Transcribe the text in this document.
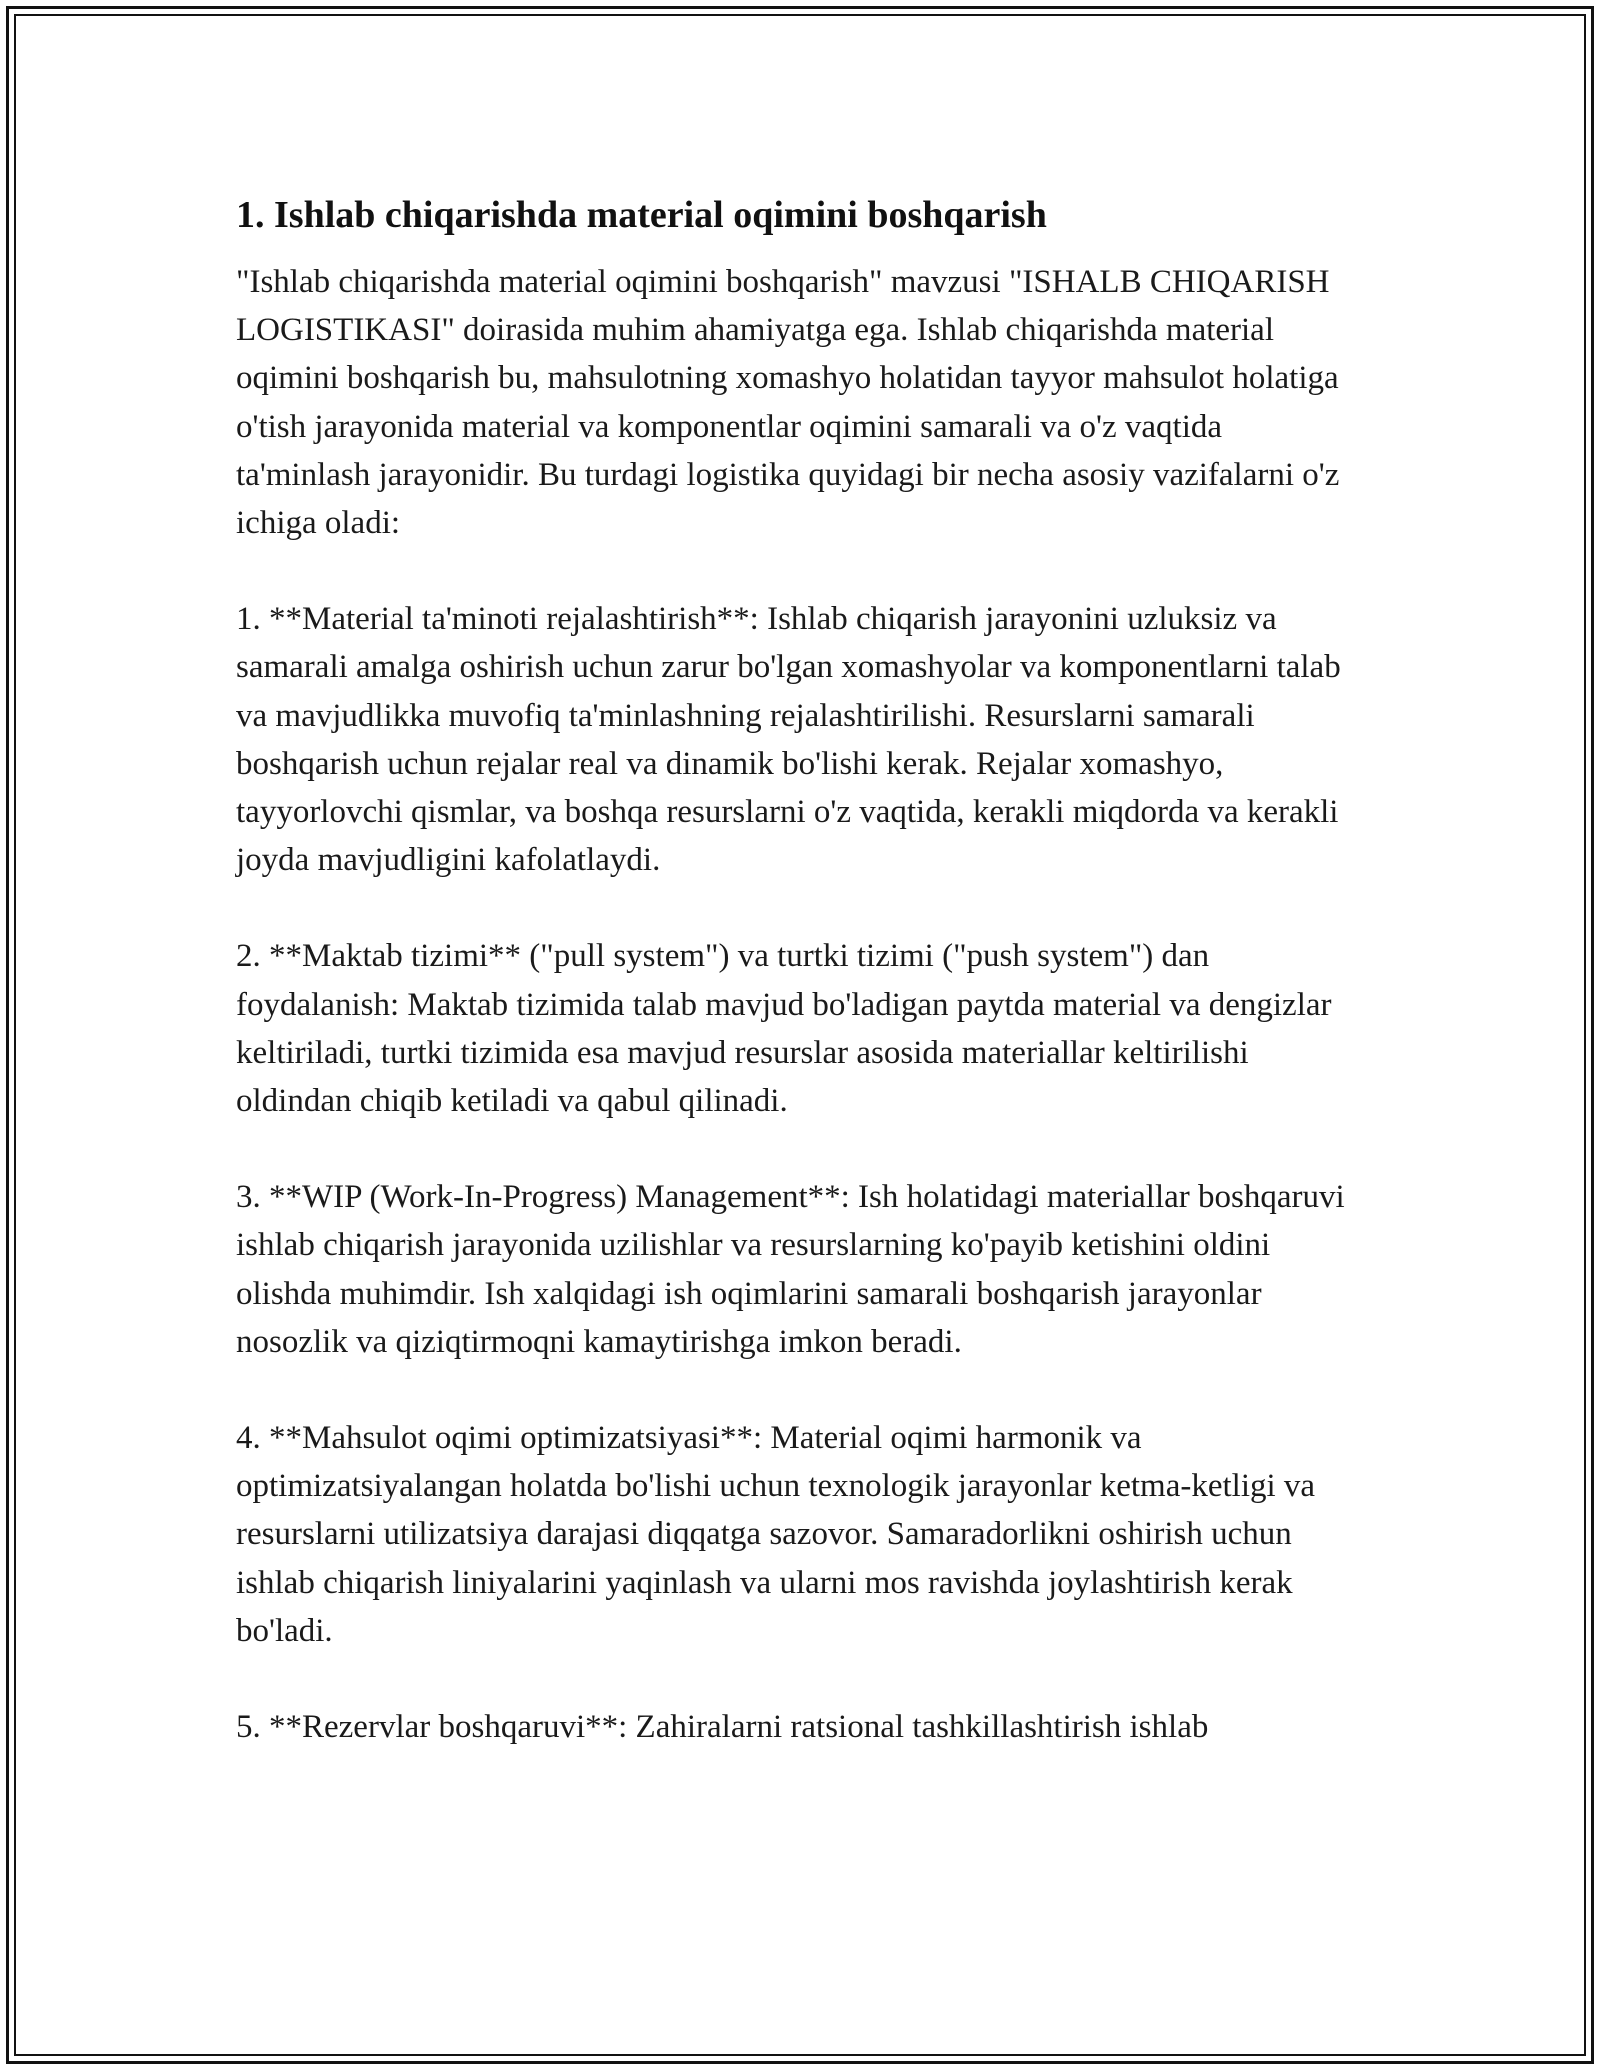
1. Ishlab chiqarishda material oqimini boshqarish

"Ishlab chiqarishda material oqimini boshqarish" mavzusi "ISHALB CHIQARISH LOGISTIKASI" doirasida muhim ahamiyatga ega. Ishlab chiqarishda material oqimini boshqarish bu, mahsulotning xomashyo holatidan tayyor mahsulot holatiga o'tish jarayonida material va komponentlar oqimini samarali va o'z vaqtida ta'minlash jarayonidir. Bu turdagi logistika quyidagi bir necha asosiy vazifalarni o'z ichiga oladi:

1. **Material ta'minoti rejalashtirish**: Ishlab chiqarish jarayonini uzluksiz va samarali amalga oshirish uchun zarur bo'lgan xomashyolar va komponentlarni talab va mavjudlikka muvofiq ta'minlashning rejalashtirilishi. Resurslarni samarali boshqarish uchun rejalar real va dinamik bo'lishi kerak. Rejalar xomashyo, tayyorlovchi qismlar, va boshqa resurslarni o'z vaqtida, kerakli miqdorda va kerakli joyda mavjudligini kafolatlaydi.

2. **Maktab tizimi** ("pull system") va turtki tizimi ("push system") dan foydalanish: Maktab tizimida talab mavjud bo'ladigan paytda material va dengizlar keltiriladi, turtki tizimida esa mavjud resurslar asosida materiallar keltirilishi oldindan chiqib ketiladi va qabul qilinadi.

3. **WIP (Work-In-Progress) Management**: Ish holatidagi materiallar boshqaruvi ishlab chiqarish jarayonida uzilishlar va resurslarning ko'payib ketishini oldini olishda muhimdir. Ish xalqidagi ish oqimlarini samarali boshqarish jarayonlar nosozlik va qiziqtirmoqni kamaytirishga imkon beradi.

4. **Mahsulot oqimi optimizatsiyasi**: Material oqimi harmonik va optimizatsiyalangan holatda bo'lishi uchun texnologik jarayonlar ketma-ketligi va resurslarni utilizatsiya darajasi diqqatga sazovor. Samaradorlikni oshirish uchun ishlab chiqarish liniyalarini yaqinlash va ularni mos ravishda joylashtirish kerak bo'ladi.

5. **Rezervlar boshqaruvi**: Zahiralarni ratsional tashkillashtirish ishlab
